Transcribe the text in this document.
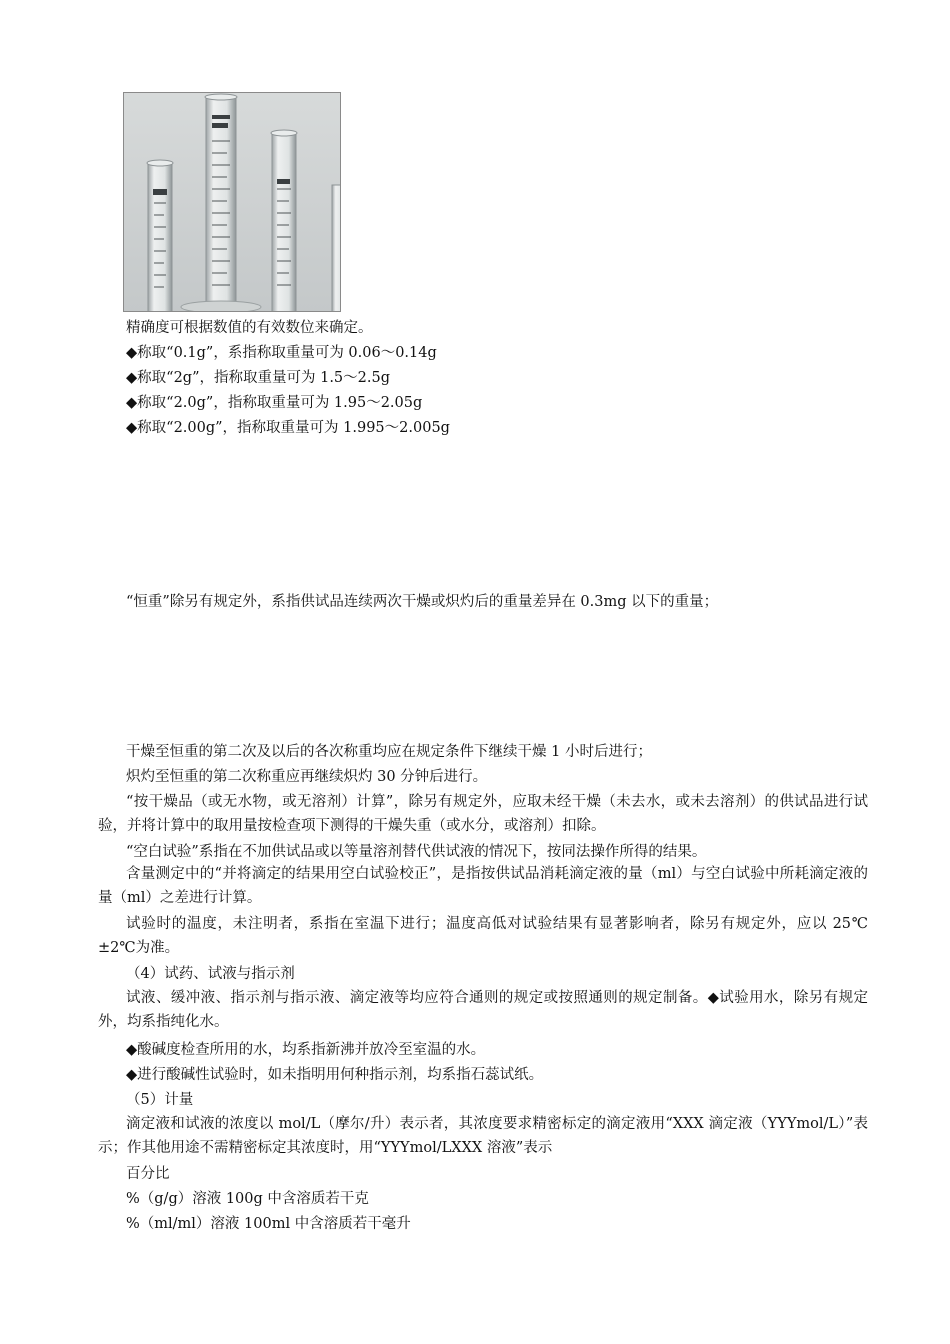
精确度可根据数值的有效数位来确定。
◆称取“0.1g”，系指称取重量可为 0.06～0.14g
◆称取“2g”，指称取重量可为 1.5～2.5g
◆称取“2.0g”，指称取重量可为 1.95～2.05g
◆称取“2.00g”，指称取重量可为 1.995～2.005g
“恒重”除另有规定外，系指供试品连续两次干燥或炽灼后的重量差异在 0.3mg 以下的重量；
干燥至恒重的第二次及以后的各次称重均应在规定条件下继续干燥 1 小时后进行；
炽灼至恒重的第二次称重应再继续炽灼 30 分钟后进行。

“按干燥品（或无水物，或无溶剂）计算”，除另有规定外，应取未经干燥（未去水，或未去溶剂）的供试品进行试验，并将计算中的取用量按检查项下测得的干燥失重（或水分，或溶剂）扣除。

“空白试验”系指在不加供试品或以等量溶剂替代供试液的情况下，按同法操作所得的结果。

含量测定中的“并将滴定的结果用空白试验校正”，是指按供试品消耗滴定液的量（ml）与空白试验中所耗滴定液的量（ml）之差进行计算。

试验时的温度，未注明者，系指在室温下进行；温度高低对试验结果有显著影响者，除另有规定外，应以 25℃±2℃为准。

（4）试药、试液与指示剂

试液、缓冲液、指示剂与指示液、滴定液等均应符合通则的规定或按照通则的规定制备。◆试验用水，除另有规定外，均系指纯化水。

◆酸碱度检查所用的水，均系指新沸并放冷至室温的水。
◆进行酸碱性试验时，如未指明用何种指示剂，均系指石蕊试纸。
（5）计量

滴定液和试液的浓度以 mol/L（摩尔/升）表示者，其浓度要求精密标定的滴定液用“XXX 滴定液（YYYmol/L）”表示；作其他用途不需精密标定其浓度时，用“YYYmol/LXXX 溶液”表示

百分比
%（g/g）溶液 100g 中含溶质若干克
%（ml/ml）溶液 100ml 中含溶质若干毫升
